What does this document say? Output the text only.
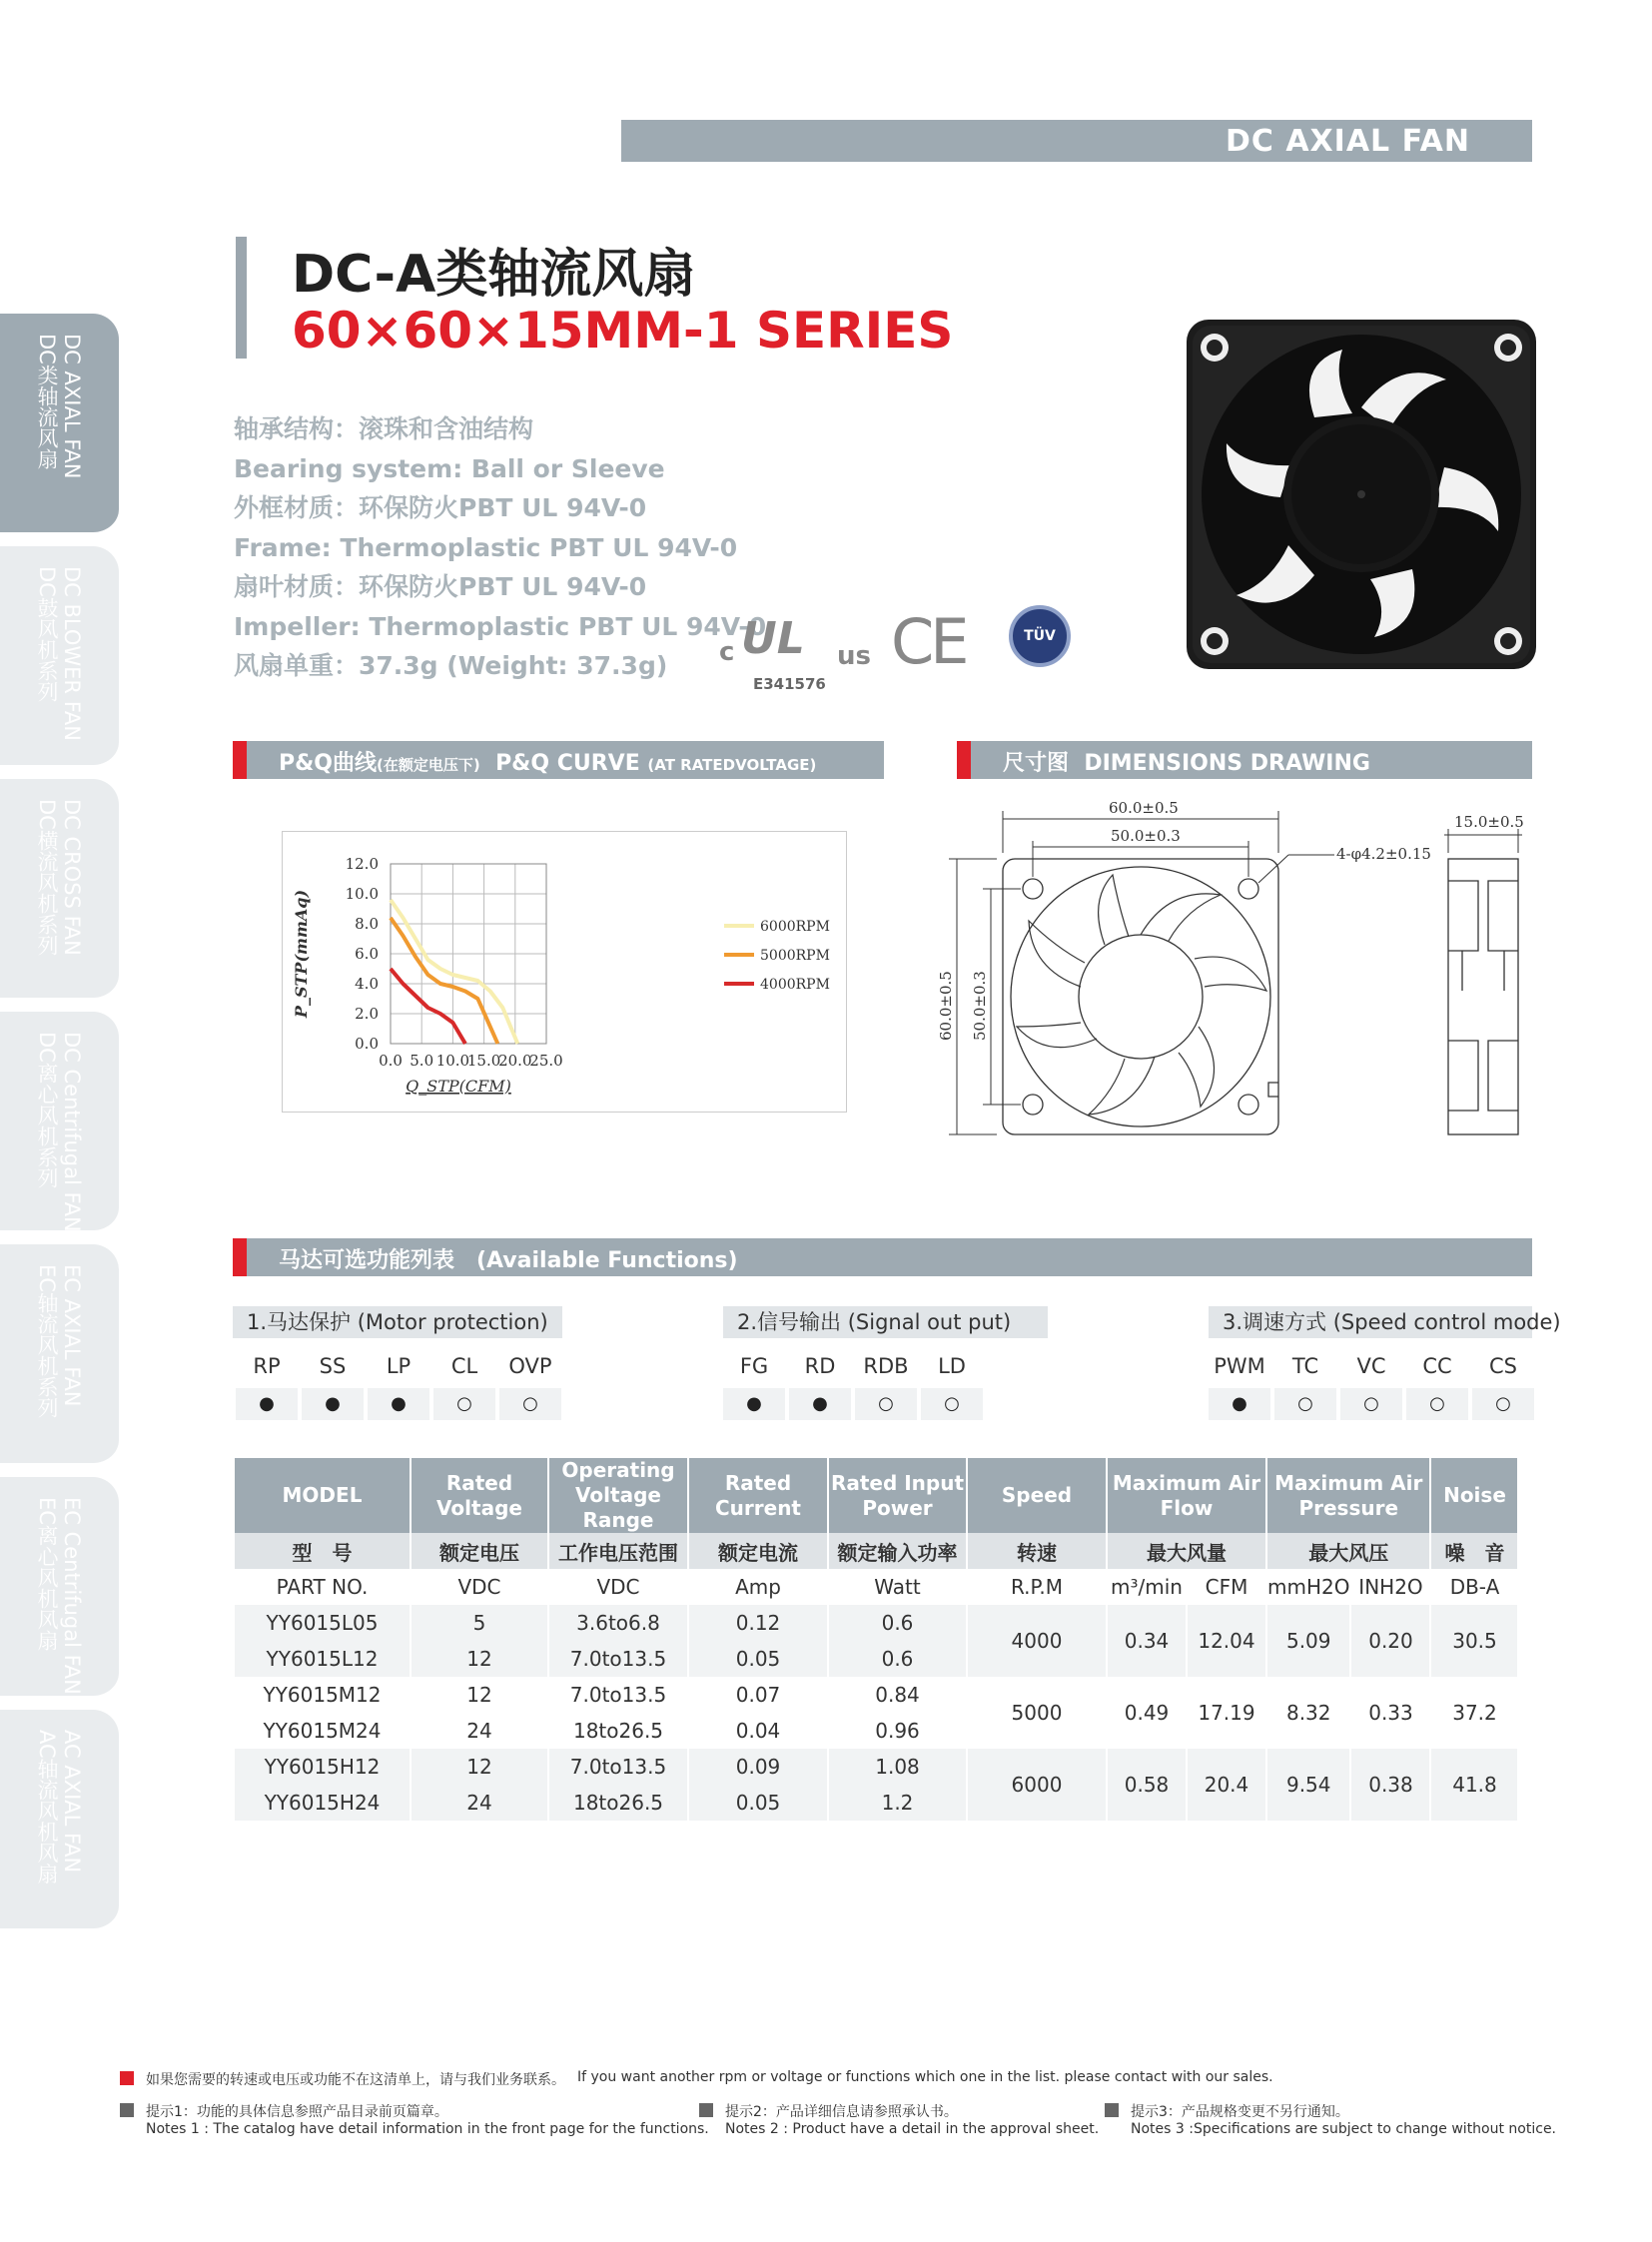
DC AXIAL FAN
DC-A类轴流风扇
60×60×15MM-1 SERIES
DC AXIAL FAN
DC类轴流风扇
DC BLOWER FAN
DC鼓风机系列
DC CROSS FAN
DC横流风机系列
DC Centrifugal FAN
DC离心风机系列
EC AXIAL FAN
EC轴流风机系列
EC Centrifugal FAN
EC离心风机风扇
AC AXIAL FAN
AC轴流风机风扇
轴承结构：滚珠和含油结构
Bearing system: Ball or Sleeve
外框材质：环保防火PBT UL 94V-0
Frame: Thermoplastic PBT UL 94V-0
扇叶材质：环保防火PBT UL 94V-0
Impeller: Thermoplastic PBT UL 94V-0
风扇单重：37.3g (Weight: 37.3g)	c UL us
E341576
CE	TÜV
P&Q曲线(在额定电压下) P&Q CURVE (AT RATEDVOLTAGE)	尺寸图 DIMENSIONS DRAWING
0.0 5.0 10.0
15.0
20.0
25.0
0.0
2.0
4.0
6.0
8.0
10.0
12.0
Q_STP(CFM)
P_STP(mmAq)	6000RPM
5000RPM
4000RPM
60.0±0.5
50.0±0.3
4-φ4.2±0.15
15.0±0.5
60.0±0.5 50.0±0.3
马达可选功能列表　(Available Functions)
1.马达保护 (Motor protection)
RP	SS	LP	CL	OVP
●	●	●	○	○
2.信号输出 (Signal out put)
FG	RD	RDB	LD
●	●	○	○
3.调速方式 (Speed control mode)
PWM	TC	VC	CC	CS
●	○	○	○	○
MODEL	Rated Voltage	Operating Voltage Range	Rated Current	Rated Input Power	Speed	Maximum Air Flow		Maximum Air Pressure		Noise
型　号	额定电压	工作电压范围	额定电流	额定输入功率	转速	最大风量		最大风压		噪　音
PART NO.	VDC	VDC	Amp	Watt	R.P.M	m³/min	CFM	mmH2O	INH2O	DB-A
YY6015L05	5	3.6to6.8	0.12	0.6	4000	0.34	12.04	5.09	0.20	30.5
YY6015L12	12	7.0to13.5	0.05	0.6						
YY6015M12	12	7.0to13.5	0.07	0.84	5000	0.49	17.19	8.32	0.33	37.2
YY6015M24	24	18to26.5	0.04	0.96						
YY6015H12	12	7.0to13.5	0.09	1.08	6000	0.58	20.4	9.54	0.38	41.8
YY6015H24	24	18to26.5	0.05	1.2						
如果您需要的转速或电压或功能不在这清单上，请与我们业务联系。 If you want another rpm or voltage or functions which one in the list. please contact with our sales.
提示1：功能的具体信息参照产品目录前页篇章。
Notes 1 : The catalog have detail information in the front page for the functions.
提示2：产品详细信息请参照承认书。
Notes 2 : Product have a detail in the approval sheet.
提示3：产品规格变更不另行通知。
Notes 3 :Specifications are subject to change without notice.
